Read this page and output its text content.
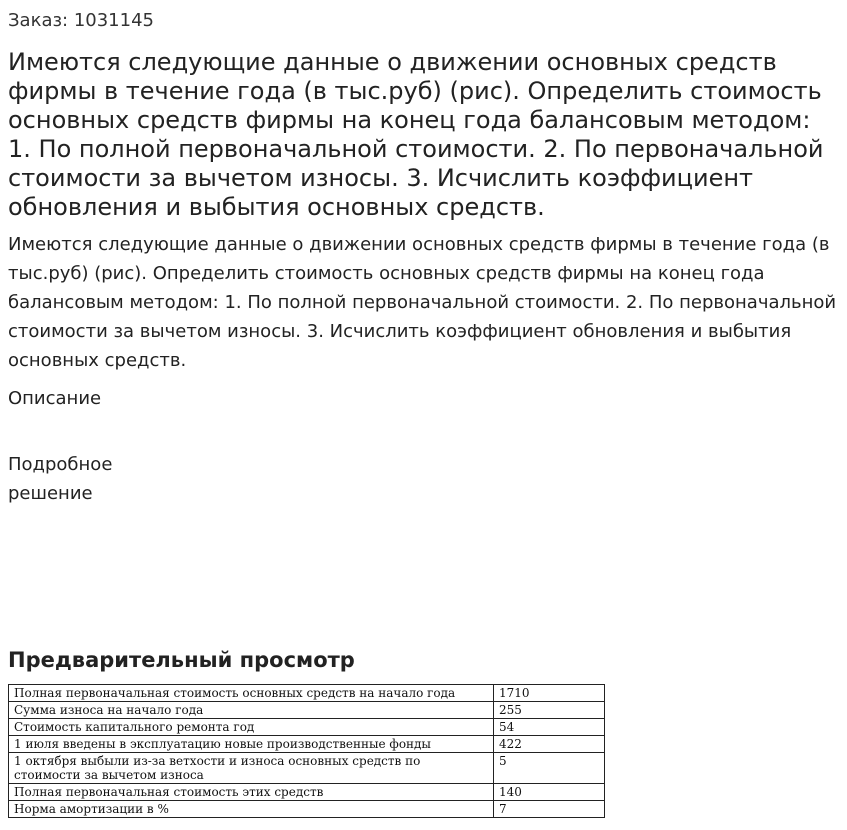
Заказ: 1031145
Имеются следующие данные о движении основных средств фирмы в течение года (в тыс.руб) (рис). Определить стоимость основных средств фирмы на конец года балансовым методом: 1. По полной первоначальной стоимости. 2. По первоначальной стоимости за вычетом износы. 3. Исчислить коэффициент обновления и выбытия основных средств.

Имеются следующие данные о движении основных средств фирмы в течение года (в тыс.руб) (рис). Определить стоимость основных средств фирмы на конец года балансовым методом: 1. По полной первоначальной стоимости. 2. По первоначальной стоимости за вычетом износы. 3. Исчислить коэффициент обновления и выбытия основных средств.

Описание
Подробное решение
Предварительный просмотр
Полная первоначальная стоимость основных средств на начало года	1710
Сумма износа на начало года	255
Стоимость капитального ремонта год	54
1 июля введены в эксплуатацию новые производственные фонды	422
1 октября выбыли из-за ветхости и износа основных средств по стоимости за вычетом износа	5
Полная первоначальная стоимость этих средств	140
Норма амортизации в %	7
